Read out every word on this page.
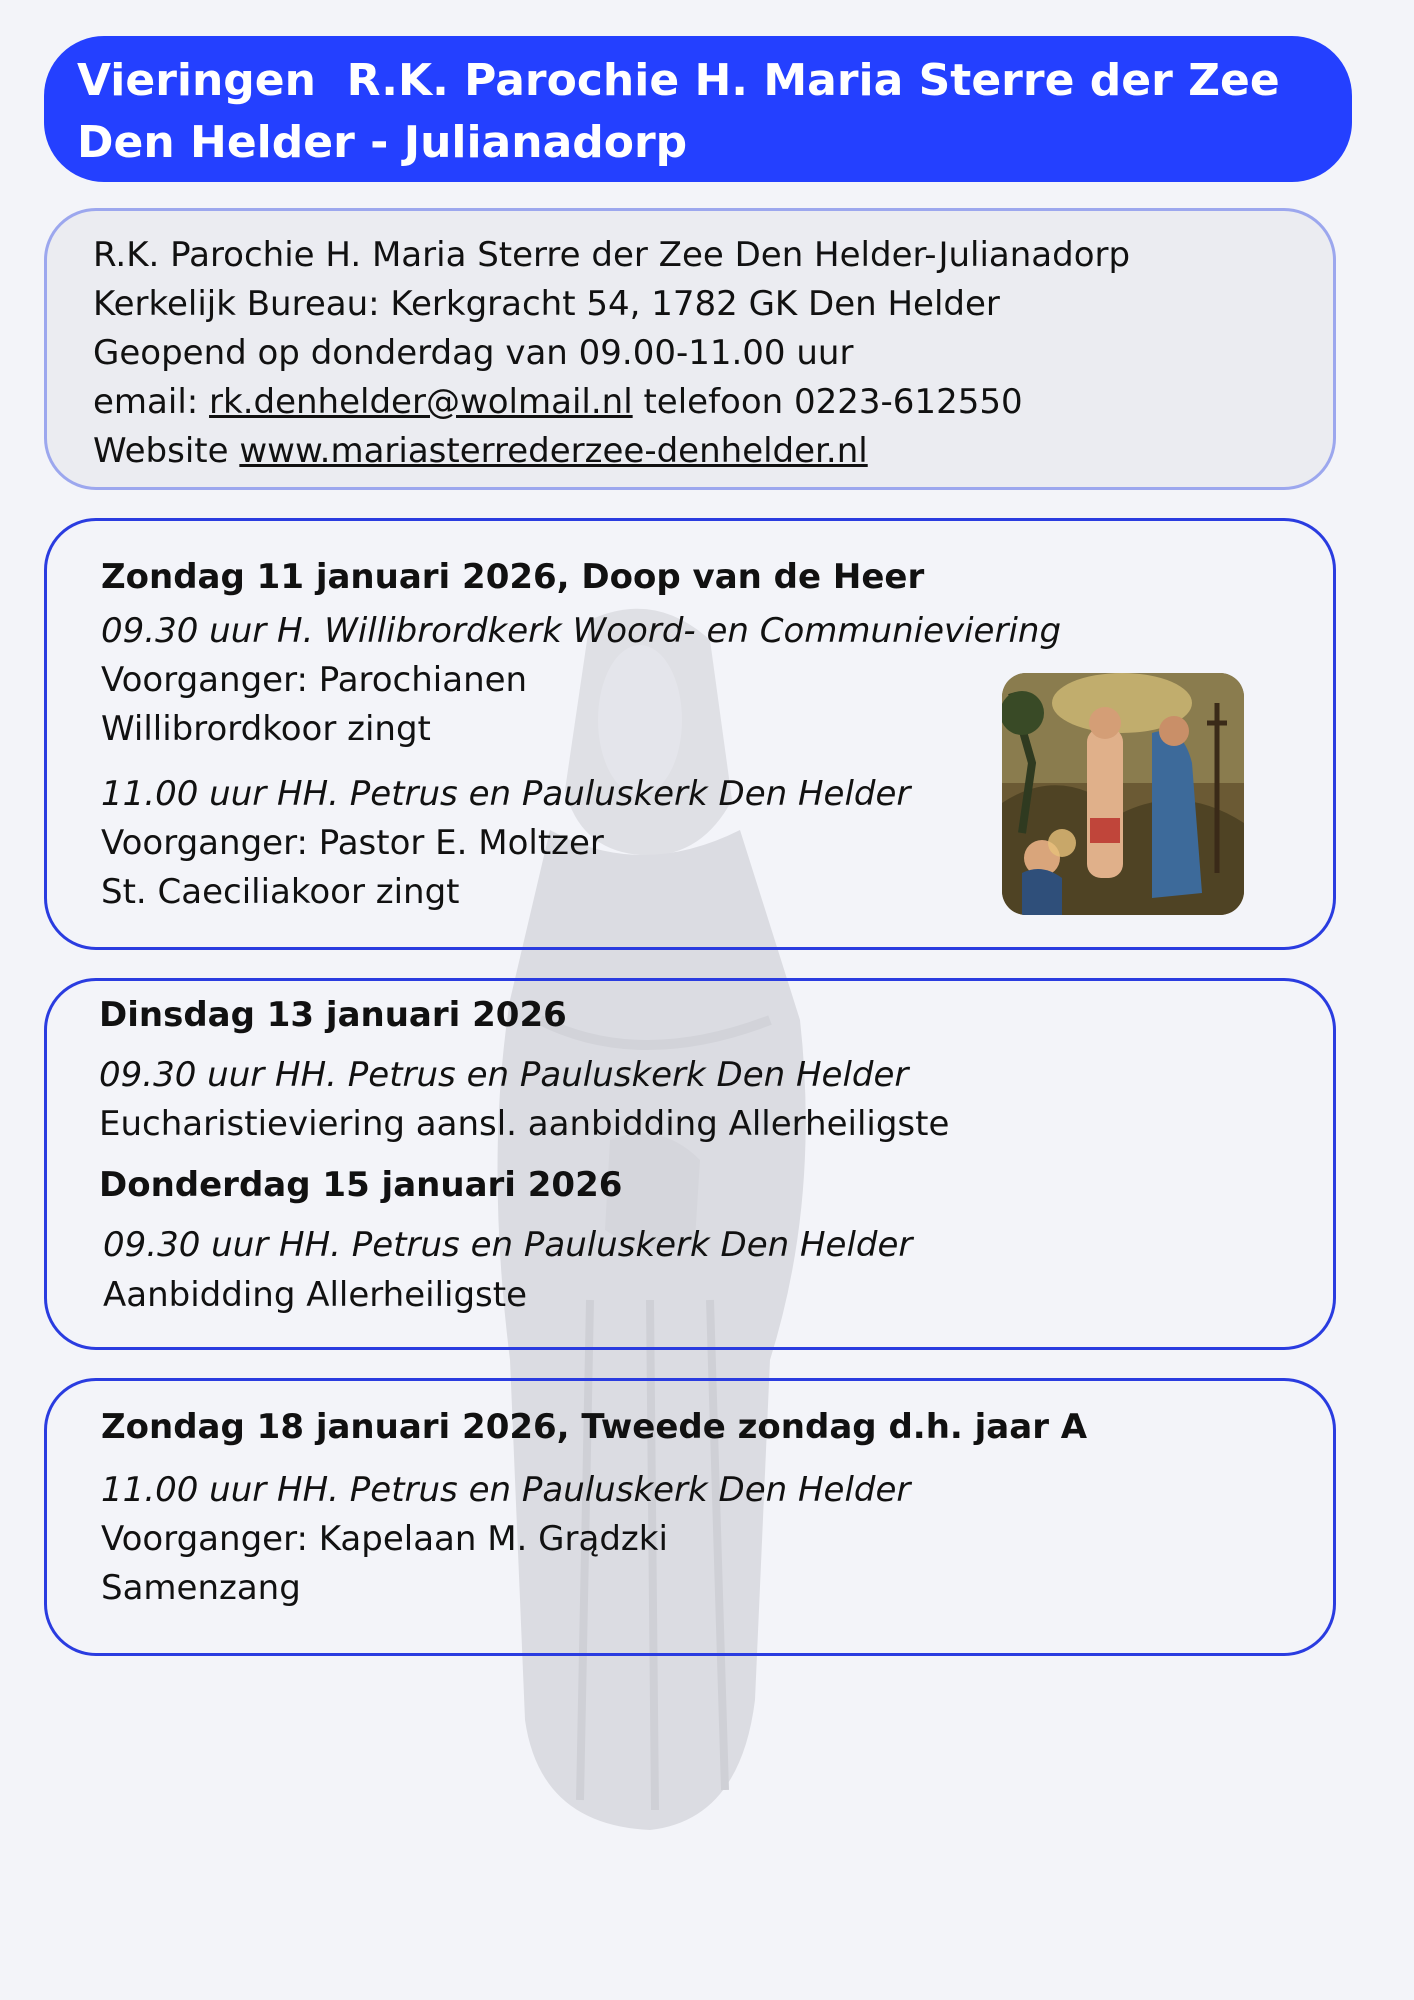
Vieringen  R.K. Parochie H. Maria Sterre der Zee
Den Helder - Julianadorp
R.K. Parochie H. Maria Sterre der Zee Den Helder-Julianadorp
Kerkelijk Bureau: Kerkgracht 54, 1782 GK Den Helder
Geopend op donderdag van 09.00-11.00 uur
email: rk.denhelder@wolmail.nl telefoon 0223-612550
Website www.mariasterrederzee-denhelder.nl
Zondag 11 januari 2026, Doop van de Heer
09.30 uur H. Willibrordkerk Woord- en Communieviering
Voorganger: Parochianen
Willibrordkoor zingt
11.00 uur HH. Petrus en Pauluskerk Den Helder
Voorganger: Pastor E. Moltzer
St. Caeciliakoor zingt
Dinsdag 13 januari 2026
09.30 uur HH. Petrus en Pauluskerk Den Helder
Eucharistieviering aansl. aanbidding Allerheiligste
Donderdag 15 januari 2026
09.30 uur HH. Petrus en Pauluskerk Den Helder
Aanbidding Allerheiligste
Zondag 18 januari 2026, Tweede zondag d.h. jaar A
11.00 uur HH. Petrus en Pauluskerk Den Helder
Voorganger: Kapelaan M. Grądzki
Samenzang
